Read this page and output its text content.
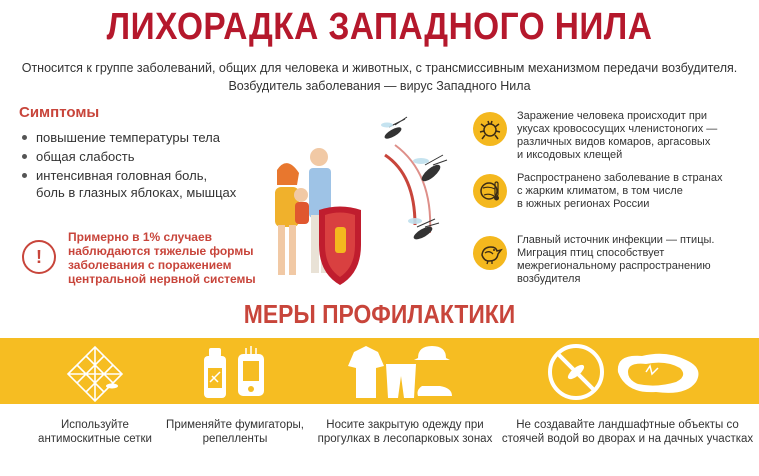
ЛИХОРАДКА ЗАПАДНОГО НИЛА
Относится к группе заболеваний, общих для человека и животных, с трансмиссивным механизмом передачи возбудителя.
Возбудитель заболевания — вирус Западного Нила
Симптомы
повышение температуры тела
общая слабость
интенсивная головная боль,
боль в глазных яблоках, мышцах
!
Примерно в 1% случаев
наблюдаются тяжелые формы
заболевания с поражением
центральной нервной системы
Заражение человека происходит при
укусах кровососущих членистоногих —
различных видов комаров, аргасовых
и иксодовых клещей
Распространено заболевание в странах
с жарким климатом, в том числе
в южных регионах России
Главный источник инфекции — птицы.
Миграция птиц способствует
межрегиональному распространению
возбудителя
МЕРЫ ПРОФИЛАКТИКИ
Используйте
антимоскитные сетки
Применяйте фумигаторы,
репелленты
Носите закрытую одежду при
прогулках в лесопарковых зонах
Не создавайте ландшафтные объекты со
стоячей водой во дворах и на дачных участках
